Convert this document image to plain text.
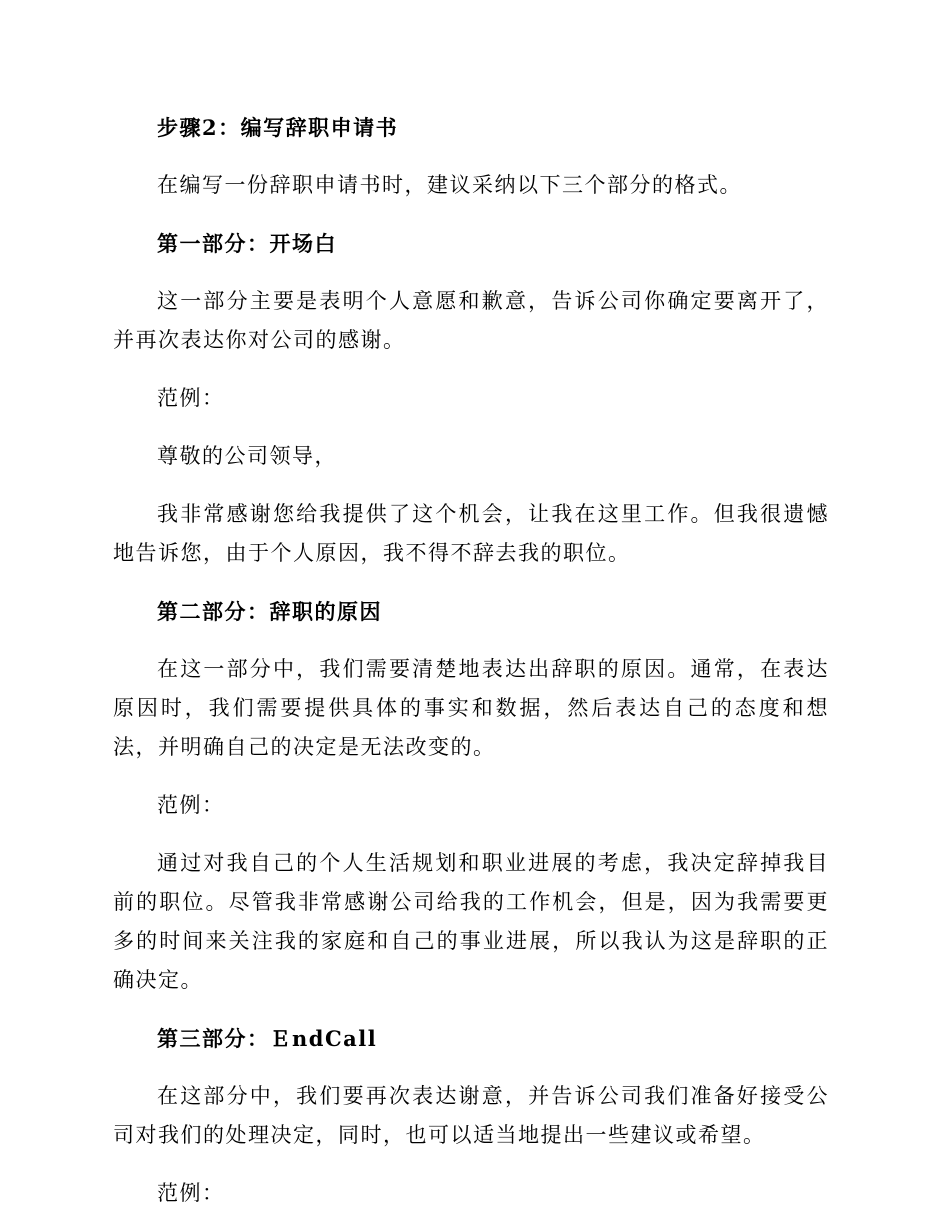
步骤2：编写辞职申请书

在编写一份辞职申请书时，建议采纳以下三个部分的格式。

第一部分：开场白

这一部分主要是表明个人意愿和歉意，告诉公司你确定要离开了，并再次表达你对公司的感谢。

范例：

尊敬的公司领导，

我非常感谢您给我提供了这个机会，让我在这里工作。但我很遗憾地告诉您，由于个人原因，我不得不辞去我的职位。

第二部分：辞职的原因

在这一部分中，我们需要清楚地表达出辞职的原因。通常，在表达原因时，我们需要提供具体的事实和数据，然后表达自己的态度和想法，并明确自己的决定是无法改变的。

范例：

通过对我自己的个人生活规划和职业进展的考虑，我决定辞掉我目前的职位。尽管我非常感谢公司给我的工作机会，但是，因为我需要更多的时间来关注我的家庭和自己的事业进展，所以我认为这是辞职的正确决定。

第三部分：ＥndCall

在这部分中，我们要再次表达谢意，并告诉公司我们准备好接受公司对我们的处理决定，同时，也可以适当地提出一些建议或希望。

范例：
